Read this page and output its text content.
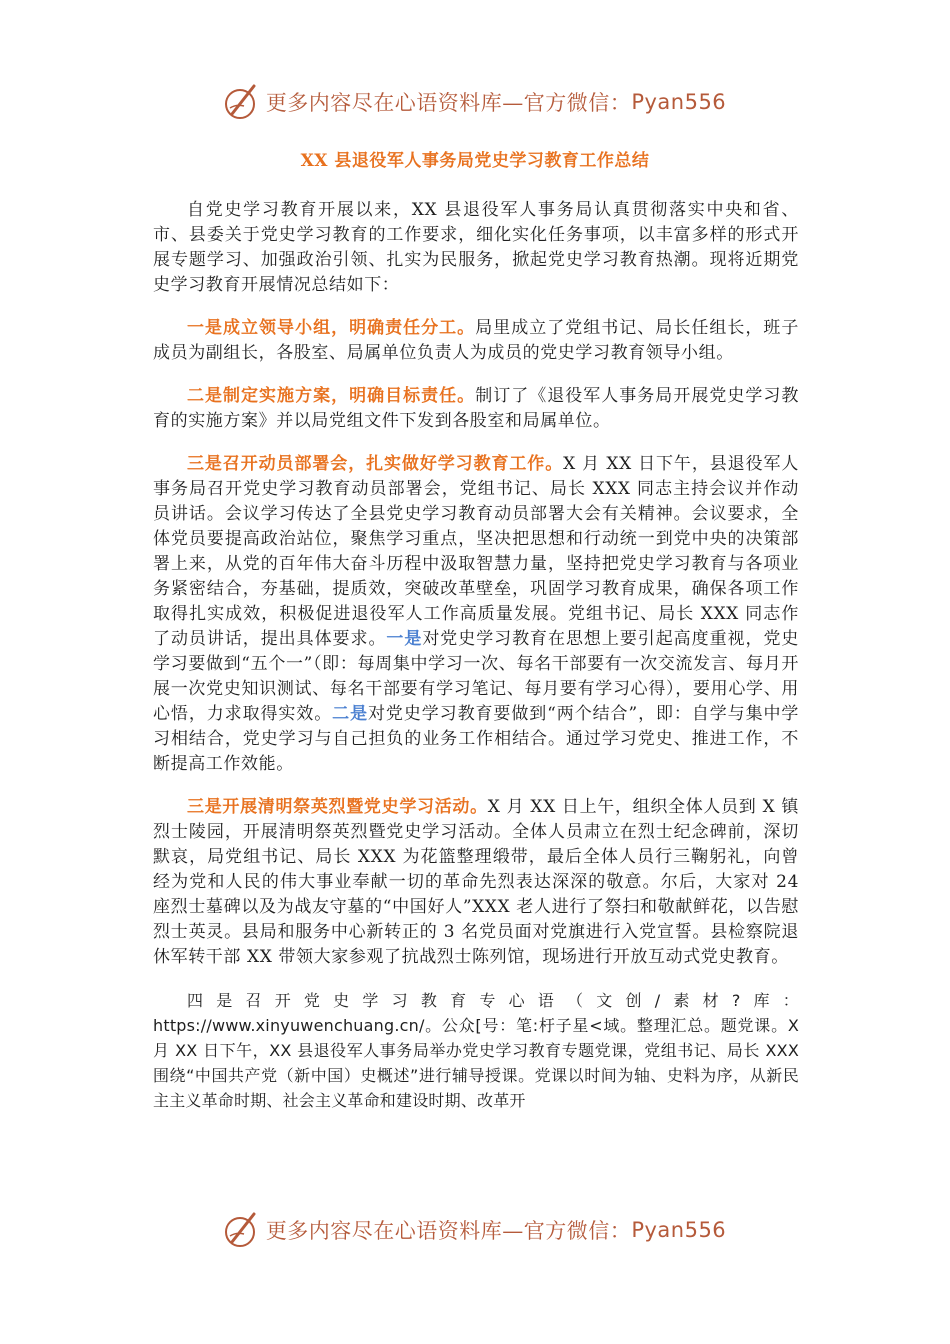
更多内容尽在心语资料库—官方微信： Pyan556
XX 县退役军人事务局党史学习教育工作总结

自党史学习教育开展以来，XX 县退役军人事务局认真贯彻落实中央和省、市、县委关于党史学习教育的工作要求，细化实化任务事项，以丰富多样的形式开展专题学习、加强政治引领、扎实为民服务，掀起党史学习教育热潮。现将近期党史学习教育开展情况总结如下：

一是成立领导小组，明确责任分工。局里成立了党组书记、局长任组长，班子成员为副组长，各股室、局属单位负责人为成员的党史学习教育领导小组。

二是制定实施方案，明确目标责任。制订了《退役军人事务局开展党史学习教育的实施方案》并以局党组文件下发到各股室和局属单位。

三是召开动员部署会，扎实做好学习教育工作。X 月 XX 日下午，县退役军人事务局召开党史学习教育动员部署会，党组书记、局长 XXX 同志主持会议并作动员讲话。会议学习传达了全县党史学习教育动员部署大会有关精神。会议要求，全体党员要提高政治站位，聚焦学习重点，坚决把思想和行动统一到党中央的决策部署上来，从党的百年伟大奋斗历程中汲取智慧力量，坚持把党史学习教育与各项业务紧密结合，夯基础，提质效，突破改革壁垒，巩固学习教育成果，确保各项工作取得扎实成效，积极促进退役军人工作高质量发展。党组书记、局长 XXX 同志作了动员讲话，提出具体要求。一是对党史学习教育在思想上要引起高度重视，党史学习要做到“五个一”（即：每周集中学习一次、每名干部要有一次交流发言、每月开展一次党史知识测试、每名干部要有学习笔记、每月要有学习心得），要用心学、用心悟，力求取得实效。二是对党史学习教育要做到“两个结合”，即：自学与集中学习相结合，党史学习与自己担负的业务工作相结合。通过学习党史、推进工作，不断提高工作效能。

三是开展清明祭英烈暨党史学习活动。X 月 XX 日上午，组织全体人员到 X 镇烈士陵园，开展清明祭英烈暨党史学习活动。全体人员肃立在烈士纪念碑前，深切默哀，局党组书记、局长 XXX 为花篮整理缎带，最后全体人员行三鞠躬礼，向曾经为党和人民的伟大事业奉献一切的革命先烈表达深深的敬意。尔后，大家对 24 座烈士墓碑以及为战友守墓的“中国好人”XXX 老人进行了祭扫和敬献鲜花，以告慰烈士英灵。县局和服务中心新转正的 3 名党员面对党旗进行入党宣誓。县检察院退休军转干部 XX 带领大家参观了抗战烈士陈列馆，现场进行开放互动式党史教育。

四是召开党史学习教育专心语（文创/素材?库：https://www.xinyuwenchuang.cn/。公众[号：笔:杅子星<域。整理汇总。题党课。X 月 XX 日下午，XX 县退役军人事务局举办党史学习教育专题党课，党组书记、局长 XXX 围绕“中国共产党（新中国）史概述”进行辅导授课。党课以时间为轴、史料为序，从新民主主义革命时期、社会主义革命和建设时期、改革开

更多内容尽在心语资料库—官方微信： Pyan556
